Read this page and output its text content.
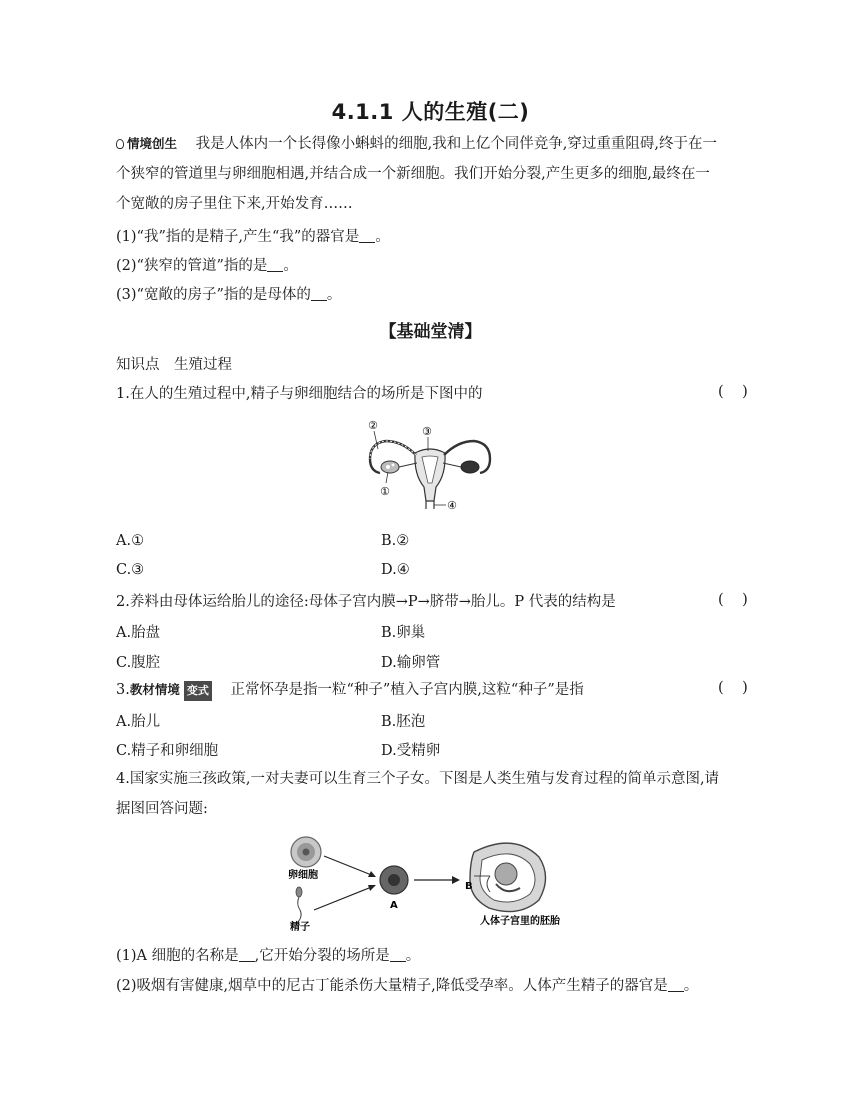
4.1.1 人的生殖(二)
情境创生 我是人体内一个长得像小蝌蚪的细胞,我和上亿个同伴竞争,穿过重重阻碍,终于在一
个狭窄的管道里与卵细胞相遇,并结合成一个新细胞。我们开始分裂,产生更多的细胞,最终在一
个宽敞的房子里住下来,开始发育……
(1)“我”指的是精子,产生“我”的器官是 。
(2)“狭窄的管道”指的是 。
(3)“宽敞的房子”指的是母体的 。
【基础堂清】
知识点　生殖过程
1.在人的生殖过程中,精子与卵细胞结合的场所是下图中的	(    )
②	③
①
④
A.①	B.②
C.③	D.④
2.养料由母体运给胎儿的途径:母体子宫内膜→P→脐带→胎儿。P 代表的结构是	(    )
A.胎盘	B.卵巢
C.腹腔	D.输卵管
3.教材情境 变式 正常怀孕是指一粒“种子”植入子宫内膜,这粒“种子”是指	(    )
A.胎儿	B.胚泡
C.精子和卵细胞	D.受精卵
4.国家实施三孩政策,一对夫妻可以生育三个子女。下图是人类生殖与发育过程的简单示意图,请
据图回答问题:
卵细胞
精子
A
B
人体子宫里的胚胎
(1)A 细胞的名称是 ,它开始分裂的场所是 。
(2)吸烟有害健康,烟草中的尼古丁能杀伤大量精子,降低受孕率。人体产生精子的器官是 。
